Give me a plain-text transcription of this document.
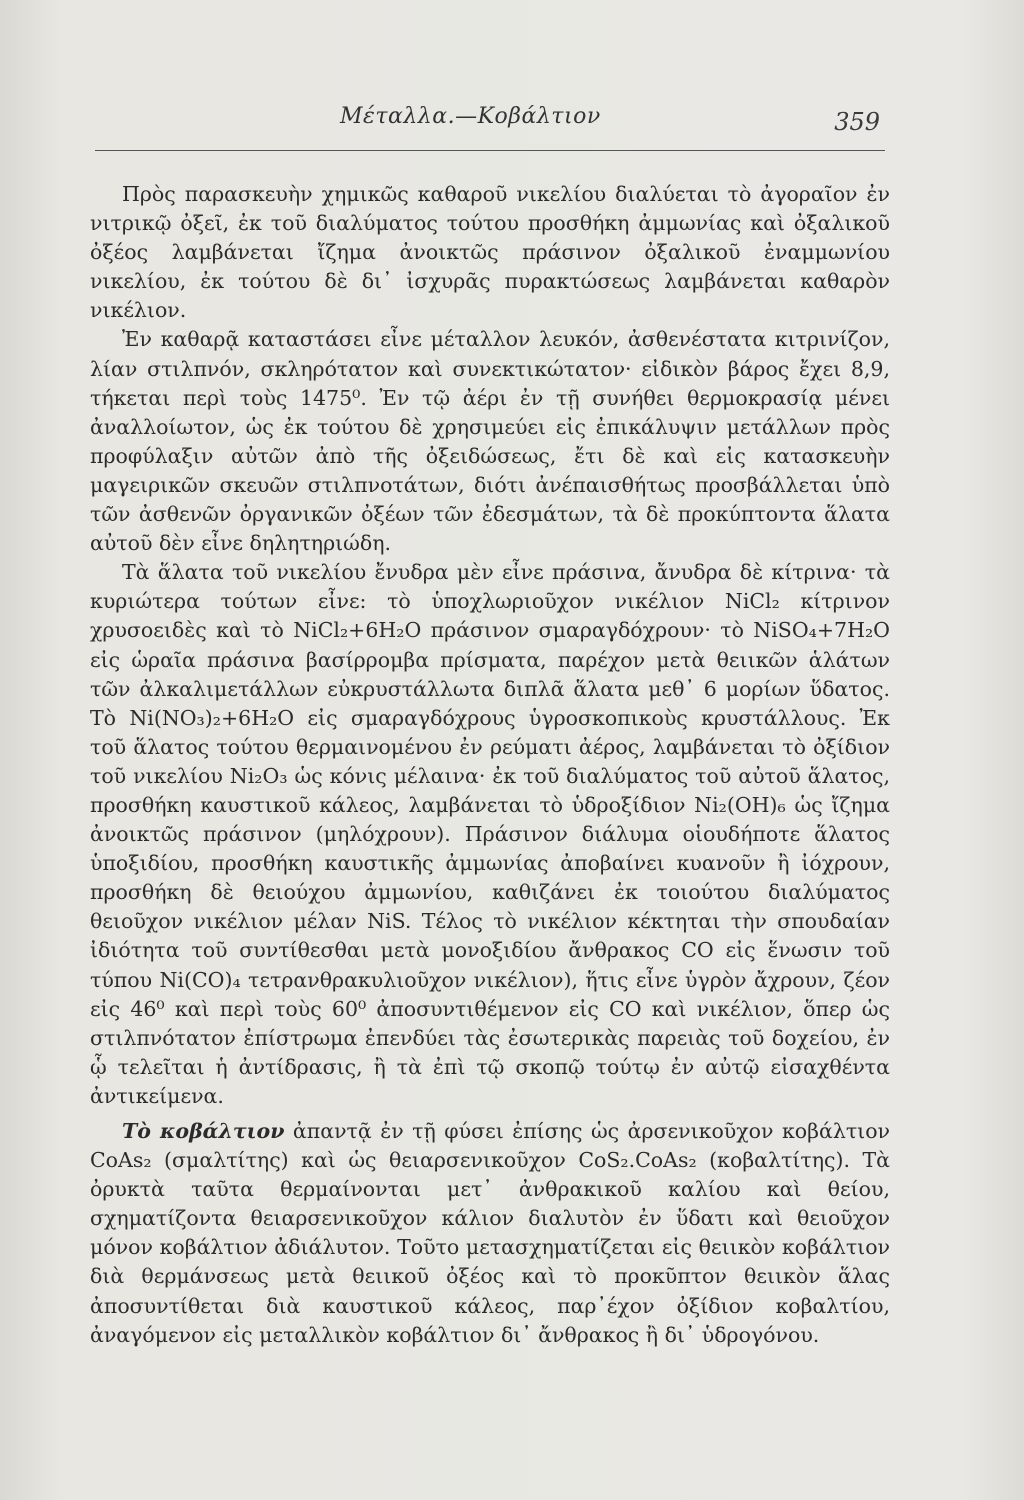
Μέταλλα.—Κοβάλτιον	359

Πρὸς παρασκευὴν χημικῶς καθαροῦ νικελίου διαλύεται τὸ ἀγοραῖον ἐν νιτρικῷ ὀξεῖ, ἐκ τοῦ διαλύματος τούτου προσθήκη ἀμμωνίας καὶ ὀξαλικοῦ ὀξέος λαμβάνεται ἴζημα ἀνοικτῶς πράσινον ὀξαλικοῦ ἐναμμωνίου νικελίου, ἐκ τούτου δὲ δι᾽ ἰσχυρᾶς πυρακτώσεως λαμβάνεται καθαρὸν νικέλιον.

Ἐν καθαρᾷ καταστάσει εἶνε μέταλλον λευκόν, ἀσθενέστατα κιτρινίζον, λίαν στιλπνόν, σκληρότατον καὶ συνεκτικώτατον· εἰδικὸν βάρος ἔχει 8,9, τήκεται περὶ τοὺς 1475⁰. Ἐν τῷ ἀέρι ἐν τῇ συνήθει θερμοκρασίᾳ μένει ἀναλλοίωτον, ὡς ἐκ τούτου δὲ χρησιμεύει εἰς ἐπικάλυψιν μετάλλων πρὸς προφύλαξιν αὐτῶν ἀπὸ τῆς ὀξειδώσεως, ἔτι δὲ καὶ εἰς κατασκευὴν μαγειρικῶν σκευῶν στιλπνοτάτων, διότι ἀνέπαισθήτως προσβάλλεται ὑπὸ τῶν ἀσθενῶν ὀργανικῶν ὀξέων τῶν ἐδεσμάτων, τὰ δὲ προκύπτοντα ἅλατα αὐτοῦ δὲν εἶνε δηλητηριώδη.

Τὰ ἅλατα τοῦ νικελίου ἔνυδρα μὲν εἶνε πράσινα, ἄνυδρα δὲ κίτρινα· τὰ κυριώτερα τούτων εἶνε: τὸ ὑποχλωριοῦχον νικέλιον NiCl₂ κίτρινον χρυσοειδὲς καὶ τὸ NiCl₂+6H₂O πράσινον σμαραγδόχρουν· τὸ NiSO₄+7H₂O εἰς ὡραῖα πράσινα βασίρρομβα πρίσματα, παρέχον μετὰ θειικῶν ἁλάτων τῶν ἀλκαλιμετάλλων εὐκρυστάλλωτα διπλᾶ ἅλατα μεθ᾽ 6 μορίων ὕδατος. Τὸ Ni(NO₃)₂+6H₂O εἰς σμαραγδόχρους ὑγροσκοπικοὺς κρυστάλλους. Ἐκ τοῦ ἅλατος τούτου θερμαινομένου ἐν ρεύματι ἀέρος, λαμβάνεται τὸ ὀξίδιον τοῦ νικελίου Ni₂O₃ ὡς κόνις μέλαινα· ἐκ τοῦ διαλύματος τοῦ αὐτοῦ ἅλατος, προσθήκη καυστικοῦ κάλεος, λαμβάνεται τὸ ὑδροξίδιον Ni₂(OH)₆ ὡς ἴζημα ἀνοικτῶς πράσινον (μηλόχρουν). Πράσινον διάλυμα οἱουδήποτε ἅλατος ὑποξιδίου, προσθήκη καυστικῆς ἀμμωνίας ἀποβαίνει κυανοῦν ἢ ἰόχρουν, προσθήκη δὲ θειούχου ἀμμωνίου, καθιζάνει ἐκ τοιούτου διαλύματος θειοῦχον νικέλιον μέλαν NiS. Τέλος τὸ νικέλιον κέκτηται τὴν σπουδαίαν ἰδιότητα τοῦ συντίθεσθαι μετὰ μονοξιδίου ἄνθρακος CO εἰς ἕνωσιν τοῦ τύπου Ni(CO)₄ τετρανθρακυλιοῦχον νικέλιον), ἥτις εἶνε ὑγρὸν ἄχρουν, ζέον εἰς 46⁰ καὶ περὶ τοὺς 60⁰ ἀποσυντιθέμενον εἰς CO καὶ νικέλιον, ὅπερ ὡς στιλπνότατον ἐπίστρωμα ἐπενδύει τὰς ἐσωτερικὰς παρειὰς τοῦ δοχείου, ἐν ᾧ τελεῖται ἡ ἀντίδρασις, ἢ τὰ ἐπὶ τῷ σκοπῷ τούτῳ ἐν αὐτῷ εἰσαχθέντα ἀντικείμενα.

Τὸ κοβάλτιον ἀπαντᾷ ἐν τῇ φύσει ἐπίσης ὡς ἀρσενικοῦχον κοβάλτιον CoAs₂ (σμαλτίτης) καὶ ὡς θειαρσενικοῦχον CoS₂.CoAs₂ (κοβαλτίτης). Τὰ ὀρυκτὰ ταῦτα θερμαίνονται μετ᾽ ἀνθρακικοῦ καλίου καὶ θείου, σχηματίζοντα θειαρσενικοῦχον κάλιον διαλυτὸν ἐν ὕδατι καὶ θειοῦχον μόνον κοβάλτιον ἀδιάλυτον. Τοῦτο μετασχηματίζεται εἰς θειικὸν κοβάλτιον διὰ θερμάνσεως μετὰ θειικοῦ ὀξέος καὶ τὸ προκῦπτον θειικὸν ἅλας ἀποσυντίθεται διὰ καυστικοῦ κάλεος, παρ᾽έχον ὀξίδιον κοβαλτίου, ἀναγόμενον εἰς μεταλλικὸν κοβάλτιον δι᾽ ἄνθρακος ἢ δι᾽ ὑδρογόνου.
